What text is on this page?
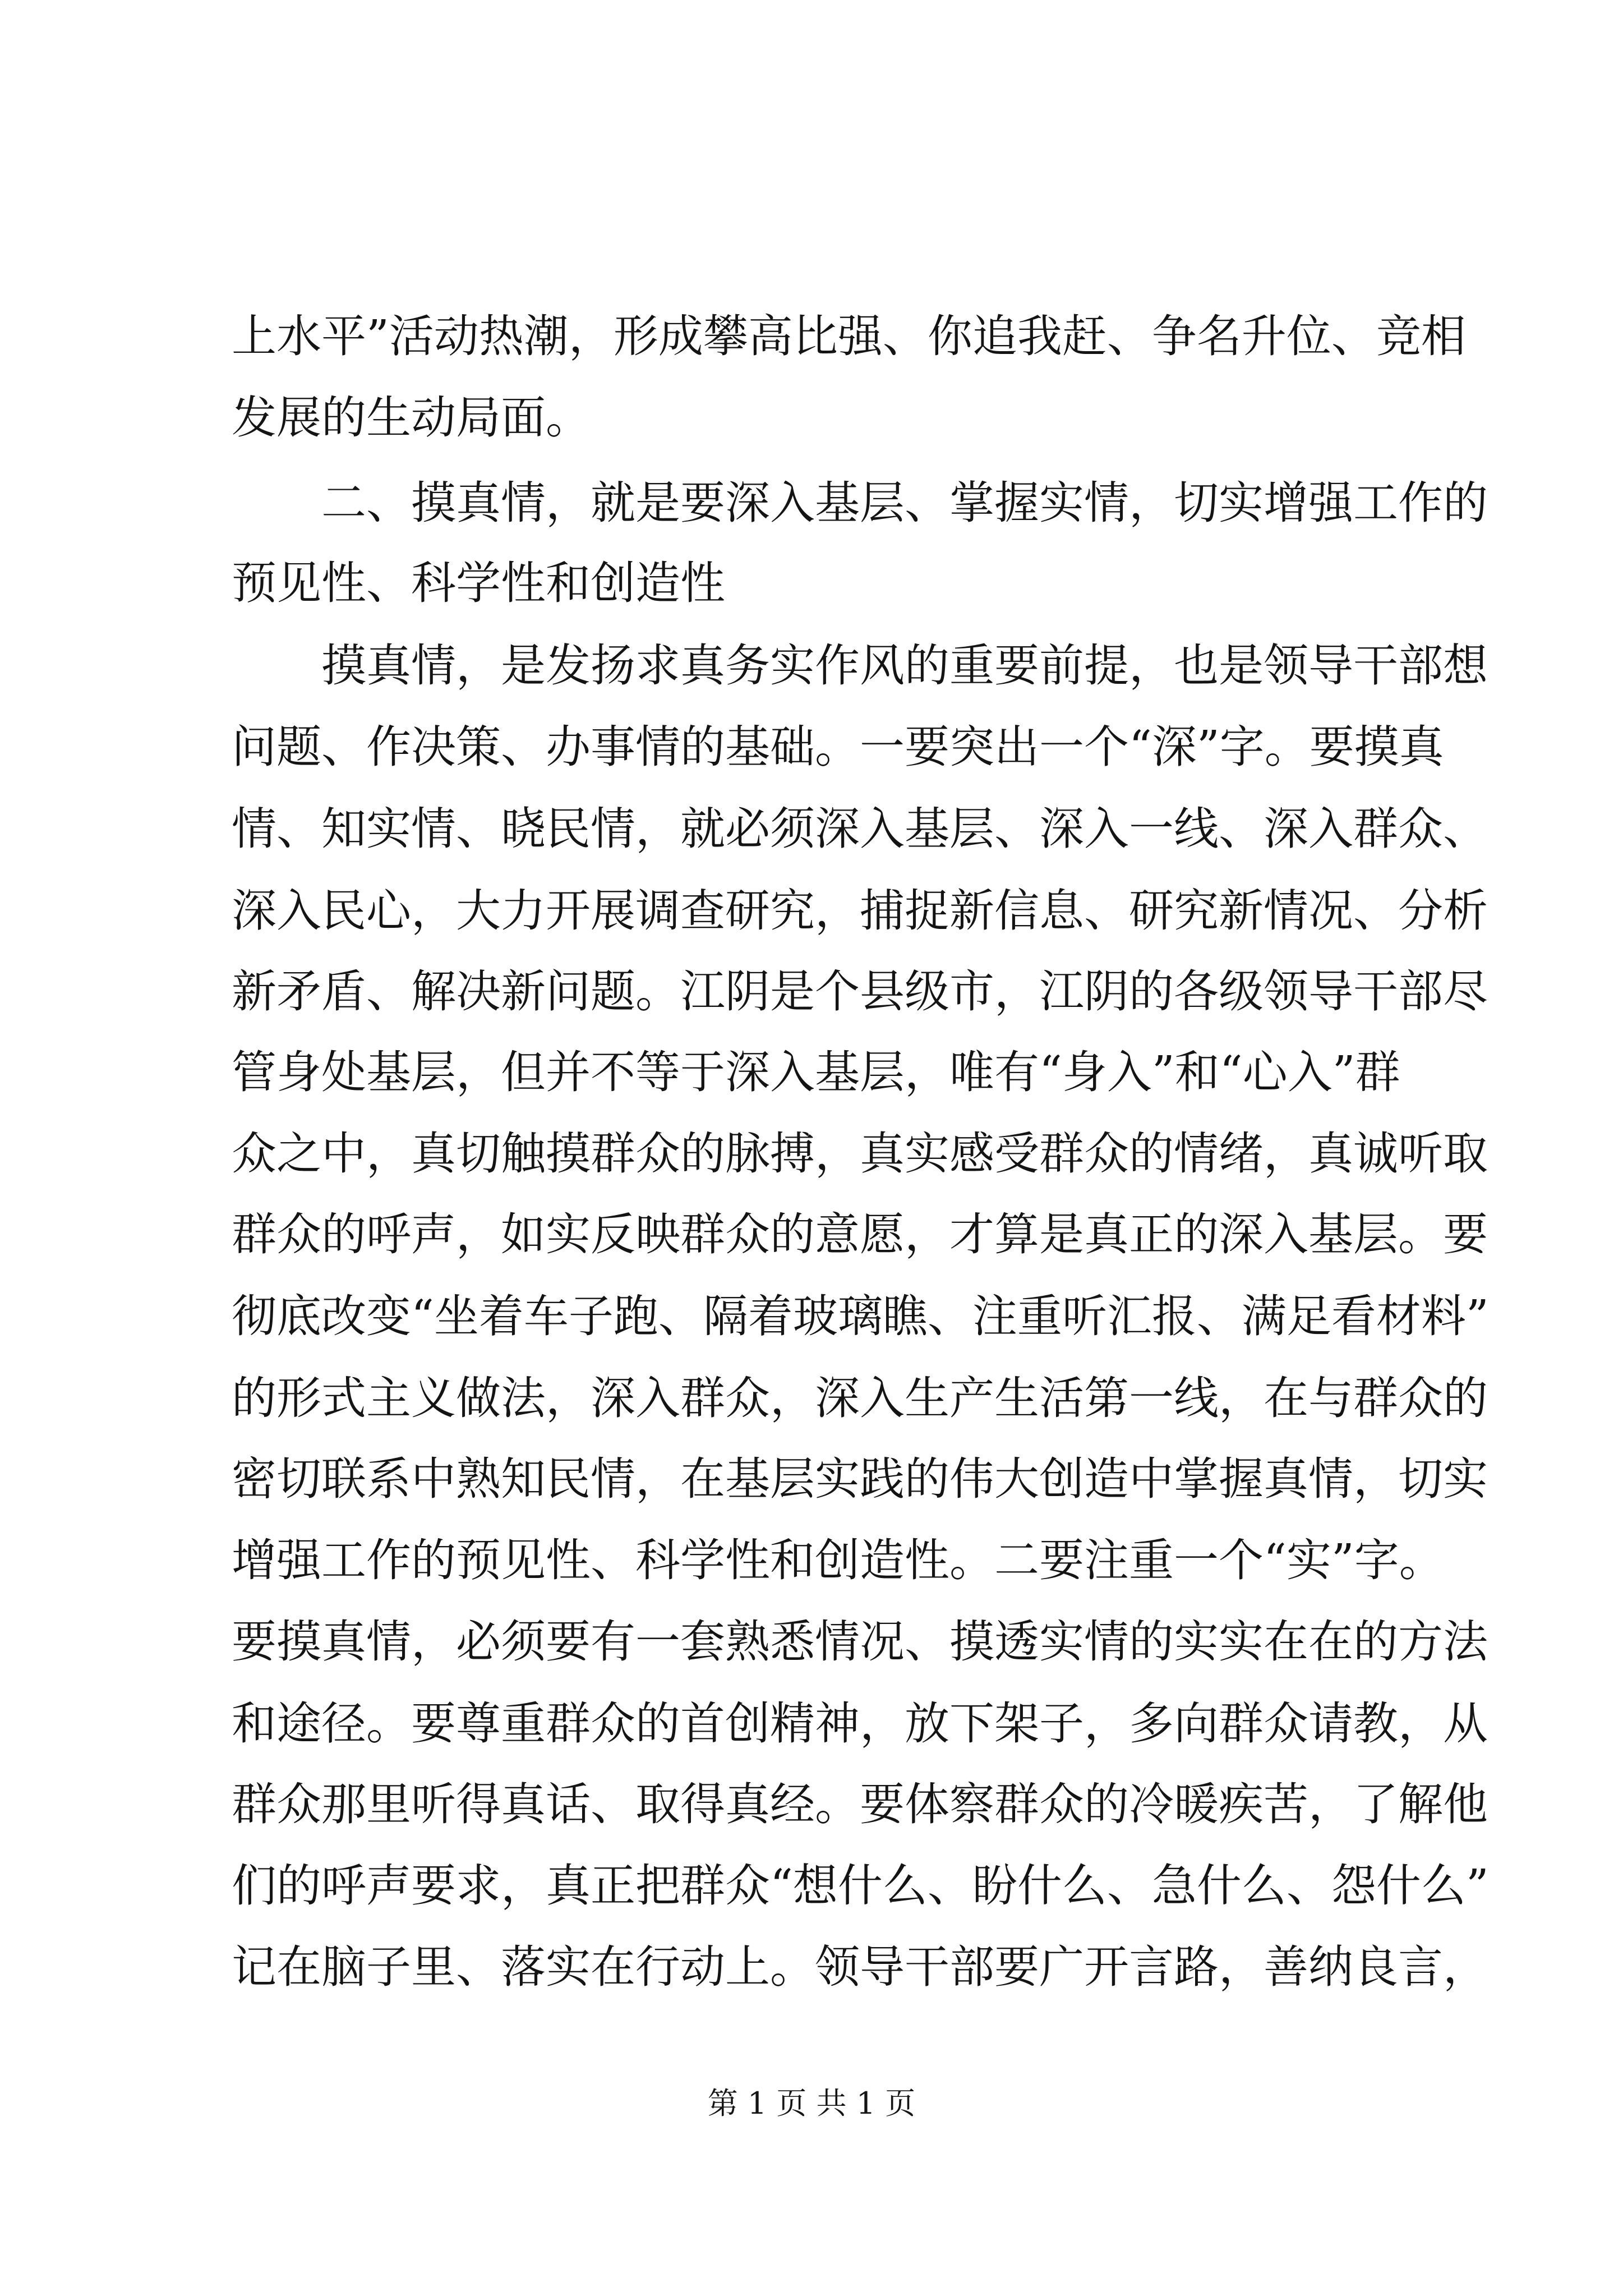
上水平”活动热潮，形成攀高比强、你追我赶、争名升位、竞相
发展的生动局面。
　　二、摸真情，就是要深入基层、掌握实情，切实增强工作的
预见性、科学性和创造性
　　摸真情，是发扬求真务实作风的重要前提，也是领导干部想
问题、作决策、办事情的基础。一要突出一个“深”字。要摸真
情、知实情、晓民情，就必须深入基层、深入一线、深入群众、
深入民心，大力开展调查研究，捕捉新信息、研究新情况、分析
新矛盾、解决新问题。江阴是个县级市，江阴的各级领导干部尽
管身处基层，但并不等于深入基层，唯有“身入”和“心入”群
众之中，真切触摸群众的脉搏，真实感受群众的情绪，真诚听取
群众的呼声，如实反映群众的意愿，才算是真正的深入基层。要
彻底改变“坐着车子跑、隔着玻璃瞧、注重听汇报、满足看材料”
的形式主义做法，深入群众，深入生产生活第一线，在与群众的
密切联系中熟知民情，在基层实践的伟大创造中掌握真情，切实
增强工作的预见性、科学性和创造性。二要注重一个“实”字。
要摸真情，必须要有一套熟悉情况、摸透实情的实实在在的方法
和途径。要尊重群众的首创精神，放下架子，多向群众请教，从
群众那里听得真话、取得真经。要体察群众的冷暖疾苦，了解他
们的呼声要求，真正把群众“想什么、盼什么、急什么、怨什么”
记在脑子里、落实在行动上。领导干部要广开言路，善纳良言，
第 1 页 共 1 页
